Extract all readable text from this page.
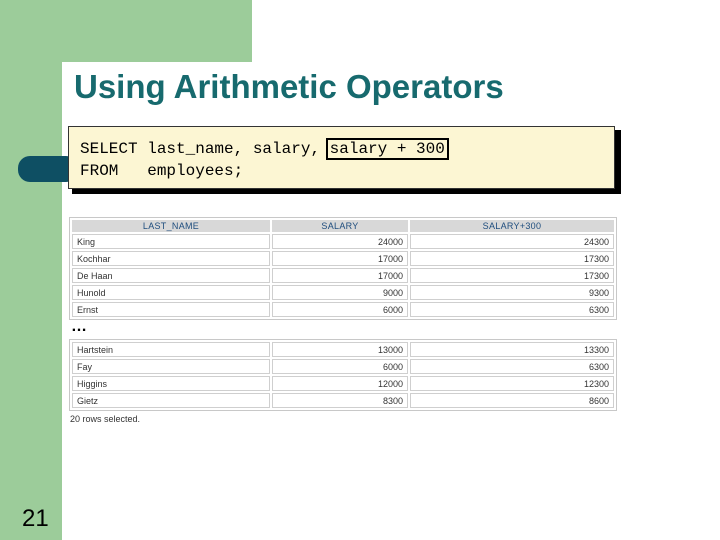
Using Arithmetic Operators

SELECT last_name, salary, salary + 300

FROM   employees;

LAST_NAME	SALARY	SALARY+300
King	24000	24300
Kochhar	17000	17300
De Haan	17000	17300
Hunold	9000	9300
Ernst	6000	6300

…

Hartstein	13000	13300
Fay	6000	6300
Higgins	12000	12300
Gietz	8300	8600

20 rows selected.

21
